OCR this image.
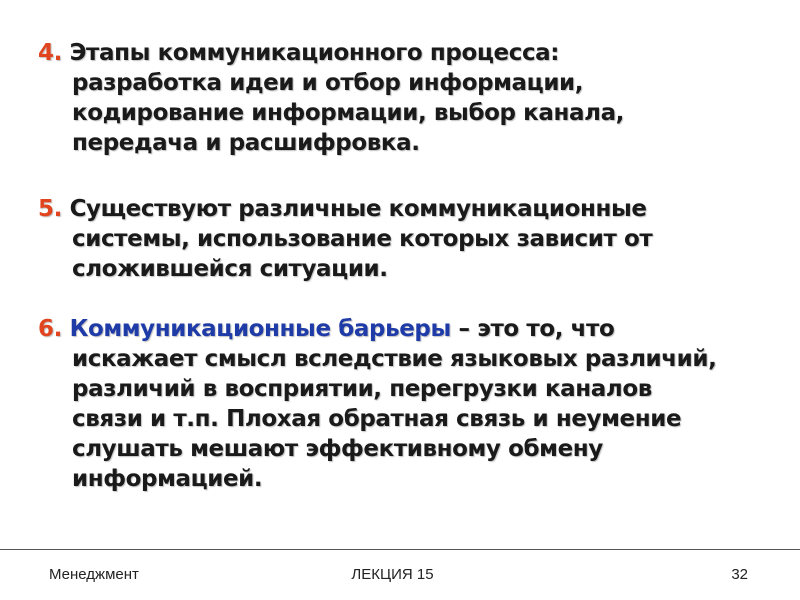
4. Этапы коммуникационного процесса:
разработка идеи и отбор информации,
кодирование информации, выбор канала,
передача и расшифровка.
5. Существуют различные коммуникационные
системы, использование которых зависит от
сложившейся ситуации.
6. Коммуникационные барьеры – это то, что
искажает смысл вследствие языковых различий,
различий в восприятии, перегрузки каналов
связи и т.п. Плохая обратная связь и неумение
слушать мешают эффективному обмену
информацией.
Менеджмент	ЛЕКЦИЯ 15	32
